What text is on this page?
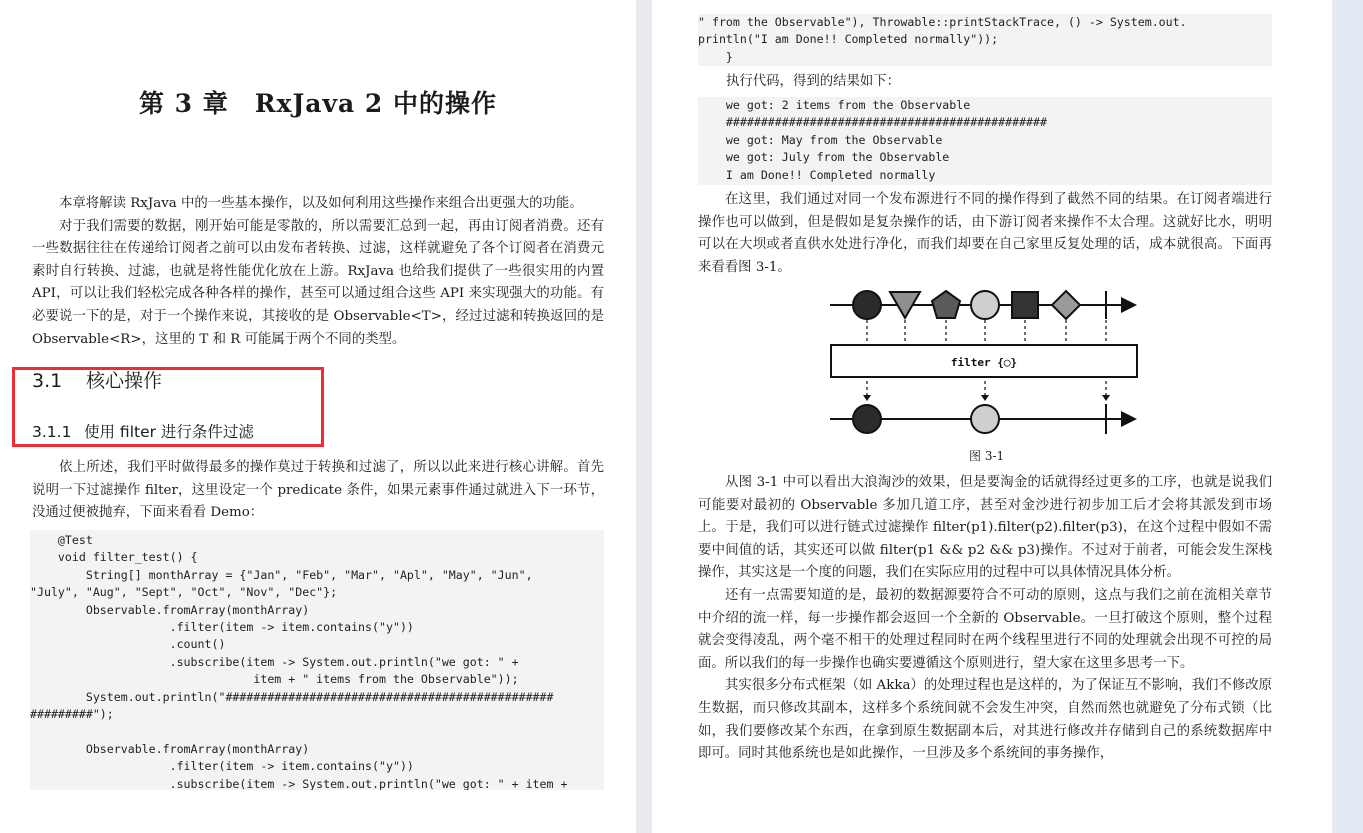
第 3 章　RxJava 2 中的操作
本章将解读 RxJava 中的一些基本操作，以及如何利用这些操作来组合出更强大的功能。
对于我们需要的数据，刚开始可能是零散的，所以需要汇总到一起，再由订阅者消费。还有一些数据往往在传递给订阅者之前可以由发布者转换、过滤，这样就避免了各个订阅者在消费元素时自行转换、过滤，也就是将性能优化放在上游。RxJava 也给我们提供了一些很实用的内置 API，可以让我们轻松完成各种各样的操作，甚至可以通过组合这些 API 来实现强大的功能。有必要说一下的是，对于一个操作来说，其接收的是 Observable<T>，经过过滤和转换返回的是 Observable<R>，这里的 T 和 R 可能属于两个不同的类型。
3.1 核心操作
3.1.1 使用 filter 进行条件过滤
依上所述，我们平时做得最多的操作莫过于转换和过滤了，所以以此来进行核心讲解。首先说明一下过滤操作 filter，这里设定一个 predicate 条件，如果元素事件通过就进入下一环节，没通过便被抛弃，下面来看看 Demo：
@Test
void filter_test() {
String[] monthArray = {"Jan", "Feb", "Mar", "Apl", "May", "Jun",
"July", "Aug", "Sept", "Oct", "Nov", "Dec"};
Observable.fromArray(monthArray)
.filter(item -> item.contains("y"))
.count()
.subscribe(item -> System.out.println("we got: " +
item + " items from the Observable"));
System.out.println("###############################################
#########");

Observable.fromArray(monthArray)
.filter(item -> item.contains("y"))
.subscribe(item -> System.out.println("we got: " + item +
" from the Observable"), Throwable::printStackTrace, () -> System.out.
println("I am Done!! Completed normally"));
}
执行代码，得到的结果如下：
we got: 2 items from the Observable
##############################################
we got: May from the Observable
we got: July from the Observable
I am Done!! Completed normally
在这里，我们通过对同一个发布源进行不同的操作得到了截然不同的结果。在订阅者端进行操作也可以做到，但是假如是复杂操作的话，由下游订阅者来操作不太合理。这就好比水，明明可以在大坝或者直供水处进行净化，而我们却要在自己家里反复处理的话，成本就很高。下面再来看看图 3-1。
从图 3-1 中可以看出大浪淘沙的效果，但是要淘金的话就得经过更多的工序，也就是说我们可能要对最初的 Observable 多加几道工序，甚至对金沙进行初步加工后才会将其派发到市场上。于是，我们可以进行链式过滤操作 filter(p1).filter(p2).filter(p3)，在这个过程中假如不需要中间值的话，其实还可以做 filter(p1 && p2 && p3)操作。不过对于前者，可能会发生深栈操作，其实这是一个度的问题，我们在实际应用的过程中可以具体情况具体分析。
还有一点需要知道的是，最初的数据源要符合不可动的原则，这点与我们之前在流相关章节中介绍的流一样，每一步操作都会返回一个全新的 Observable。一旦打破这个原则，整个过程就会变得凌乱，两个毫不相干的处理过程同时在两个线程里进行不同的处理就会出现不可控的局面。所以我们的每一步操作也确实要遵循这个原则进行，望大家在这里多思考一下。
其实很多分布式框架（如 Akka）的处理过程也是这样的，为了保证互不影响，我们不修改原生数据，而只修改其副本，这样多个系统间就不会发生冲突，自然而然也就避免了分布式锁（比如，我们要修改某个东西，在拿到原生数据副本后，对其进行修改并存储到自己的系统数据库中即可。同时其他系统也是如此操作，一旦涉及多个系统间的事务操作，
filter {◯}
图 3-1
